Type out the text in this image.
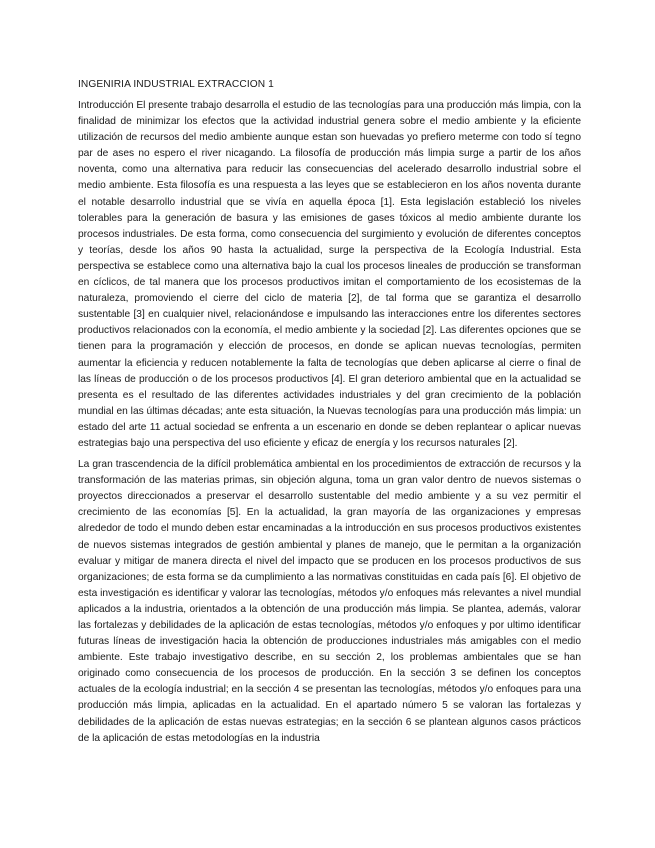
INGENIRIA INDUSTRIAL EXTRACCION 1

Introducción El presente trabajo desarrolla el estudio de las tecnologías para una producción más limpia, con la finalidad de minimizar los efectos que la actividad industrial genera sobre el medio ambiente y la eficiente utilización de recursos del medio ambiente aunque estan son huevadas yo prefiero meterme con todo sí tegno par de ases no espero el river nicagando. La filosofía de producción más limpia surge a partir de los años noventa, como una alternativa para reducir las consecuencias del acelerado desarrollo industrial sobre el medio ambiente. Esta filosofía es una respuesta a las leyes que se establecieron en los años noventa durante el notable desarrollo industrial que se vivía en aquella época [1]. Esta legislación estableció los niveles tolerables para la generación de basura y las emisiones de gases tóxicos al medio ambiente durante los procesos industriales. De esta forma, como consecuencia del surgimiento y evolución de diferentes conceptos y teorías, desde los años 90 hasta la actualidad, surge la perspectiva de la Ecología Industrial. Esta perspectiva se establece como una alternativa bajo la cual los procesos lineales de producción se transforman en cíclicos, de tal manera que los procesos productivos imitan el comportamiento de los ecosistemas de la naturaleza, promoviendo el cierre del ciclo de materia [2], de tal forma que se garantiza el desarrollo sustentable [3] en cualquier nivel, relacionándose e impulsando las interacciones entre los diferentes sectores productivos relacionados con la economía, el medio ambiente y la sociedad [2]. Las diferentes opciones que se tienen para la programación y elección de procesos, en donde se aplican nuevas tecnologías, permiten aumentar la eficiencia y reducen notablemente la falta de tecnologías que deben aplicarse al cierre o final de las líneas de producción o de los procesos productivos [4]. El gran deterioro ambiental que en la actualidad se presenta es el resultado de las diferentes actividades industriales y del gran crecimiento de la población mundial en las últimas décadas; ante esta situación, la Nuevas tecnologías para una producción más limpia: un estado del arte 11 actual sociedad se enfrenta a un escenario en donde se deben replantear o aplicar nuevas estrategias bajo una perspectiva del uso eficiente y eficaz de energía y los recursos naturales [2].

La gran trascendencia de la difícil problemática ambiental en los procedimientos de extracción de recursos y la transformación de las materias primas, sin objeción alguna, toma un gran valor dentro de nuevos sistemas o proyectos direccionados a preservar el desarrollo sustentable del medio ambiente y a su vez permitir el crecimiento de las economías [5]. En la actualidad, la gran mayoría de las organizaciones y empresas alrededor de todo el mundo deben estar encaminadas a la introducción en sus procesos productivos existentes de nuevos sistemas integrados de gestión ambiental y planes de manejo, que le permitan a la organización evaluar y mitigar de manera directa el nivel del impacto que se producen en los procesos productivos de sus organizaciones; de esta forma se da cumplimiento a las normativas constituidas en cada país [6]. El objetivo de esta investigación es identificar y valorar las tecnologías, métodos y/o enfoques más relevantes a nivel mundial aplicados a la industria, orientados a la obtención de una producción más limpia. Se plantea, además, valorar las fortalezas y debilidades de la aplicación de estas tecnologías, métodos y/o enfoques y por ultimo identificar futuras líneas de investigación hacia la obtención de producciones industriales más amigables con el medio ambiente. Este trabajo investigativo describe, en su sección 2, los problemas ambientales que se han originado como consecuencia de los procesos de producción. En la sección 3 se definen los conceptos actuales de la ecología industrial; en la sección 4 se presentan las tecnologías, métodos y/o enfoques para una producción más limpia, aplicadas en la actualidad. En el apartado número 5 se valoran las fortalezas y debilidades de la aplicación de estas nuevas estrategias; en la sección 6 se plantean algunos casos prácticos de la aplicación de estas metodologías en la industria
